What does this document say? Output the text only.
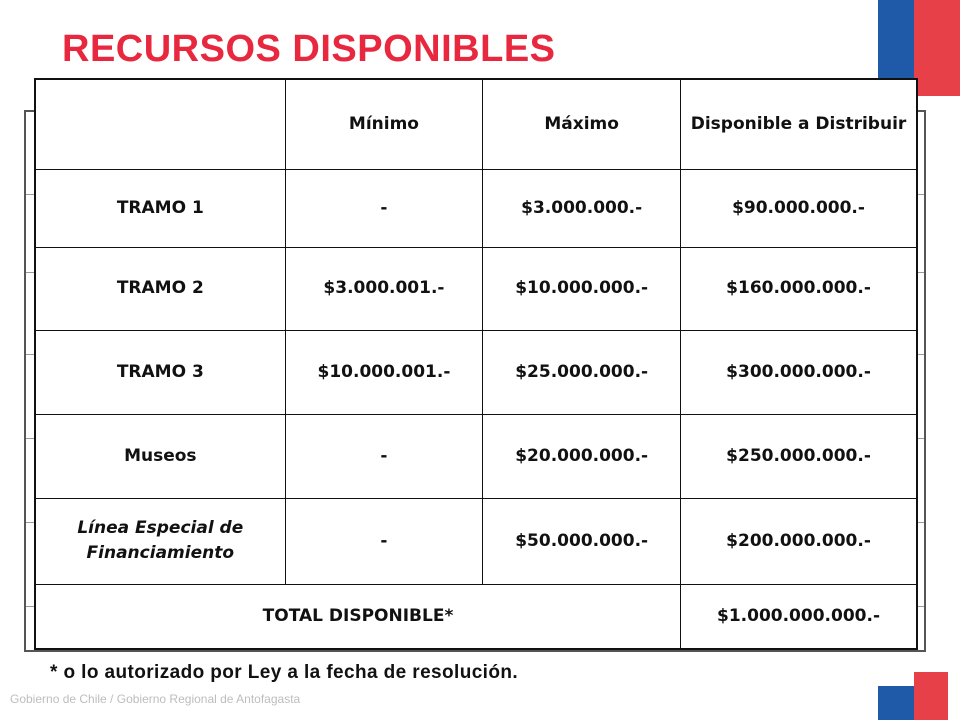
RECURSOS DISPONIBLES
	Mínimo	Máximo	Disponible a Distribuir
TRAMO 1	-	$3.000.000.-	$90.000.000.-
TRAMO 2	$3.000.001.-	$10.000.000.-	$160.000.000.-
TRAMO 3	$10.000.001.-	$25.000.000.-	$300.000.000.-
Museos	-	$20.000.000.-	$250.000.000.-
Línea Especial de Financiamiento	-	$50.000.000.-	$200.000.000.-
TOTAL DISPONIBLE*			$1.000.000.000.-
* o lo autorizado por Ley a la fecha de resolución.
Gobierno de Chile / Gobierno Regional de Antofagasta
